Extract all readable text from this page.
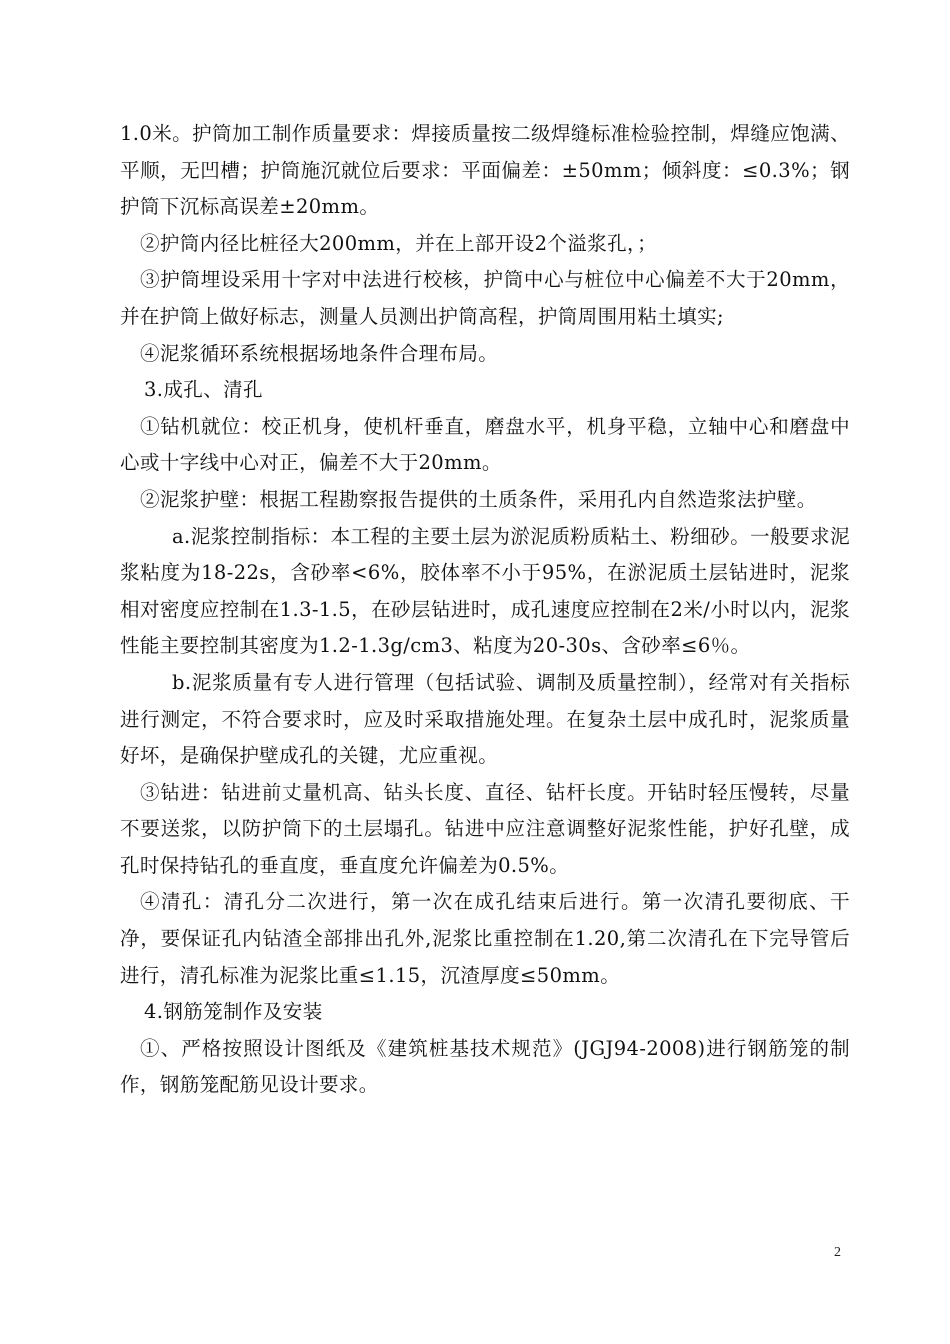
1.0米。护筒加工制作质量要求：焊接质量按二级焊缝标准检验控制，焊缝应饱满、平顺，无凹槽；护筒施沉就位后要求：平面偏差：±50mm；倾斜度：≤0.3%；钢护筒下沉标高误差±20mm。

②护筒内径比桩径大200mm，并在上部开设2个溢浆孔，；

③护筒埋设采用十字对中法进行校核，护筒中心与桩位中心偏差不大于20mm， 并在护筒上做好标志，测量人员测出护筒高程，护筒周围用粘土填实;

④泥浆循环系统根据场地条件合理布局。

3.成孔、清孔

①钻机就位：校正机身，使机杆垂直，磨盘水平，机身平稳，立轴中心和磨盘中心或十字线中心对正，偏差不大于20mm。

②泥浆护壁：根据工程勘察报告提供的土质条件，采用孔内自然造浆法护壁。

a.泥浆控制指标：本工程的主要土层为淤泥质粉质粘土、粉细砂。一般要求泥浆粘度为18-22s，含砂率<6%，胶体率不小于95%，在淤泥质土层钻进时，泥浆相对密度应控制在1.3-1.5，在砂层钻进时，成孔速度应控制在2米/小时以内，泥浆性能主要控制其密度为1.2-1.3g/cm3、粘度为20-30s、含砂率≤6％。

b.泥浆质量有专人进行管理（包括试验、调制及质量控制），经常对有关指标进行测定，不符合要求时，应及时采取措施处理。在复杂土层中成孔时，泥浆质量好坏，是确保护壁成孔的关键，尤应重视。

③钻进：钻进前丈量机高、钻头长度、直径、钻杆长度。开钻时轻压慢转，尽量不要送浆，以防护筒下的土层塌孔。钻进中应注意调整好泥浆性能，护好孔壁，成孔时保持钻孔的垂直度，垂直度允许偏差为0.5%。

④清孔：清孔分二次进行，第一次在成孔结束后进行。第一次清孔要彻底、干净，要保证孔内钻渣全部排出孔外,泥浆比重控制在1.20,第二次清孔在下完导管后进行，清孔标准为泥浆比重≤1.15，沉渣厚度≤50mm。

4.钢筋笼制作及安装

①、严格按照设计图纸及《建筑桩基技术规范》(JGJ94-2008)进行钢筋笼的制作，钢筋笼配筋见设计要求。

2
